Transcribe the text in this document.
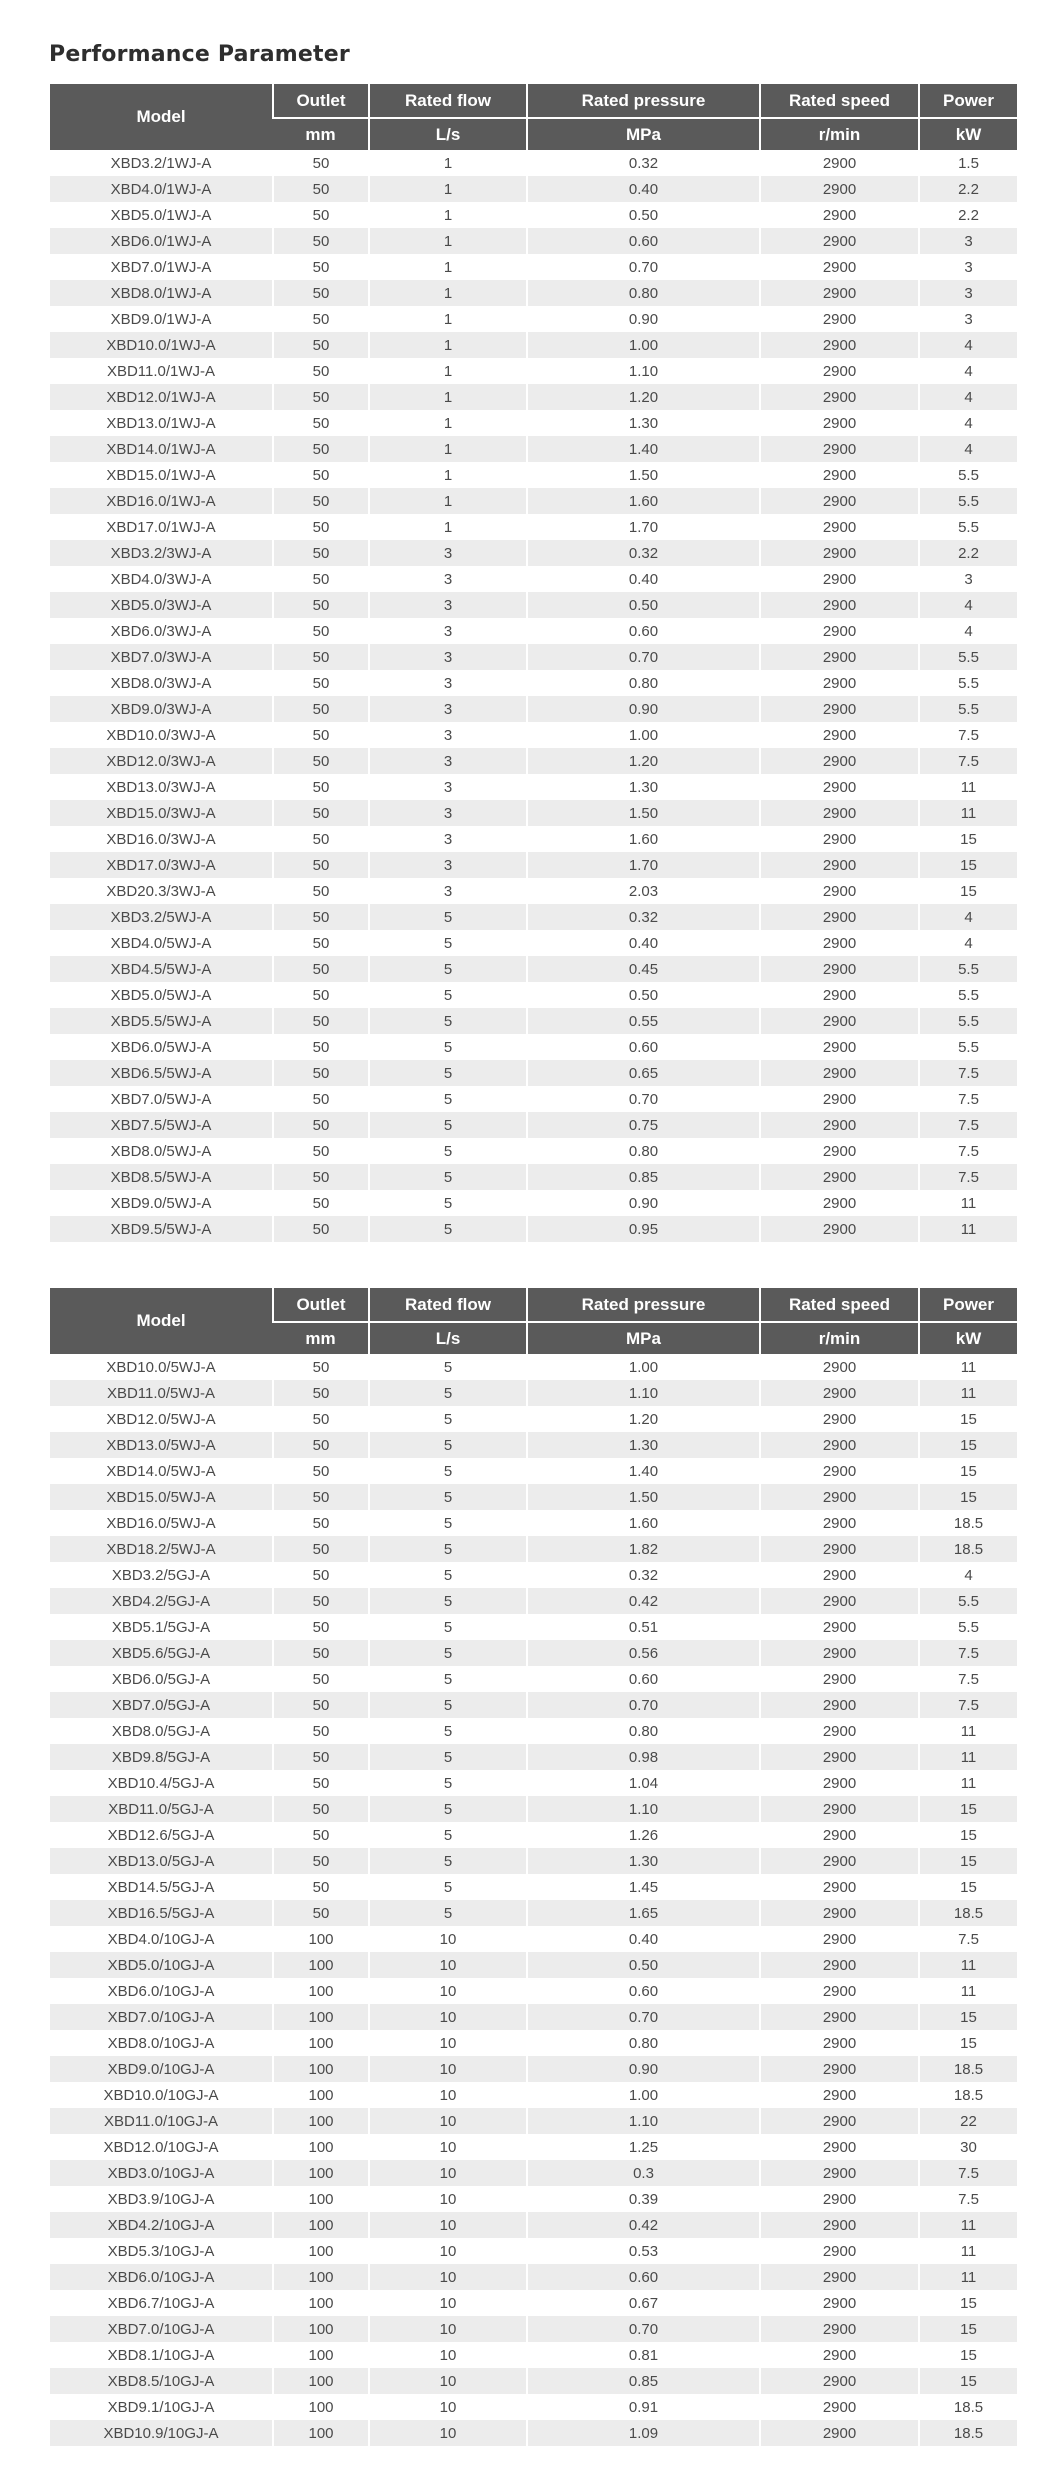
Performance Parameter
Model	Outlet	Rated flow	Rated pressure	Rated speed	Power
	mm	L/s	MPa	r/min	kW
XBD3.2/1WJ-A	50	1	0.32	2900	1.5
XBD4.0/1WJ-A	50	1	0.40	2900	2.2
XBD5.0/1WJ-A	50	1	0.50	2900	2.2
XBD6.0/1WJ-A	50	1	0.60	2900	3
XBD7.0/1WJ-A	50	1	0.70	2900	3
XBD8.0/1WJ-A	50	1	0.80	2900	3
XBD9.0/1WJ-A	50	1	0.90	2900	3
XBD10.0/1WJ-A	50	1	1.00	2900	4
XBD11.0/1WJ-A	50	1	1.10	2900	4
XBD12.0/1WJ-A	50	1	1.20	2900	4
XBD13.0/1WJ-A	50	1	1.30	2900	4
XBD14.0/1WJ-A	50	1	1.40	2900	4
XBD15.0/1WJ-A	50	1	1.50	2900	5.5
XBD16.0/1WJ-A	50	1	1.60	2900	5.5
XBD17.0/1WJ-A	50	1	1.70	2900	5.5
XBD3.2/3WJ-A	50	3	0.32	2900	2.2
XBD4.0/3WJ-A	50	3	0.40	2900	3
XBD5.0/3WJ-A	50	3	0.50	2900	4
XBD6.0/3WJ-A	50	3	0.60	2900	4
XBD7.0/3WJ-A	50	3	0.70	2900	5.5
XBD8.0/3WJ-A	50	3	0.80	2900	5.5
XBD9.0/3WJ-A	50	3	0.90	2900	5.5
XBD10.0/3WJ-A	50	3	1.00	2900	7.5
XBD12.0/3WJ-A	50	3	1.20	2900	7.5
XBD13.0/3WJ-A	50	3	1.30	2900	11
XBD15.0/3WJ-A	50	3	1.50	2900	11
XBD16.0/3WJ-A	50	3	1.60	2900	15
XBD17.0/3WJ-A	50	3	1.70	2900	15
XBD20.3/3WJ-A	50	3	2.03	2900	15
XBD3.2/5WJ-A	50	5	0.32	2900	4
XBD4.0/5WJ-A	50	5	0.40	2900	4
XBD4.5/5WJ-A	50	5	0.45	2900	5.5
XBD5.0/5WJ-A	50	5	0.50	2900	5.5
XBD5.5/5WJ-A	50	5	0.55	2900	5.5
XBD6.0/5WJ-A	50	5	0.60	2900	5.5
XBD6.5/5WJ-A	50	5	0.65	2900	7.5
XBD7.0/5WJ-A	50	5	0.70	2900	7.5
XBD7.5/5WJ-A	50	5	0.75	2900	7.5
XBD8.0/5WJ-A	50	5	0.80	2900	7.5
XBD8.5/5WJ-A	50	5	0.85	2900	7.5
XBD9.0/5WJ-A	50	5	0.90	2900	11
XBD9.5/5WJ-A	50	5	0.95	2900	11
Model	Outlet	Rated flow	Rated pressure	Rated speed	Power
	mm	L/s	MPa	r/min	kW
XBD10.0/5WJ-A	50	5	1.00	2900	11
XBD11.0/5WJ-A	50	5	1.10	2900	11
XBD12.0/5WJ-A	50	5	1.20	2900	15
XBD13.0/5WJ-A	50	5	1.30	2900	15
XBD14.0/5WJ-A	50	5	1.40	2900	15
XBD15.0/5WJ-A	50	5	1.50	2900	15
XBD16.0/5WJ-A	50	5	1.60	2900	18.5
XBD18.2/5WJ-A	50	5	1.82	2900	18.5
XBD3.2/5GJ-A	50	5	0.32	2900	4
XBD4.2/5GJ-A	50	5	0.42	2900	5.5
XBD5.1/5GJ-A	50	5	0.51	2900	5.5
XBD5.6/5GJ-A	50	5	0.56	2900	7.5
XBD6.0/5GJ-A	50	5	0.60	2900	7.5
XBD7.0/5GJ-A	50	5	0.70	2900	7.5
XBD8.0/5GJ-A	50	5	0.80	2900	11
XBD9.8/5GJ-A	50	5	0.98	2900	11
XBD10.4/5GJ-A	50	5	1.04	2900	11
XBD11.0/5GJ-A	50	5	1.10	2900	15
XBD12.6/5GJ-A	50	5	1.26	2900	15
XBD13.0/5GJ-A	50	5	1.30	2900	15
XBD14.5/5GJ-A	50	5	1.45	2900	15
XBD16.5/5GJ-A	50	5	1.65	2900	18.5
XBD4.0/10GJ-A	100	10	0.40	2900	7.5
XBD5.0/10GJ-A	100	10	0.50	2900	11
XBD6.0/10GJ-A	100	10	0.60	2900	11
XBD7.0/10GJ-A	100	10	0.70	2900	15
XBD8.0/10GJ-A	100	10	0.80	2900	15
XBD9.0/10GJ-A	100	10	0.90	2900	18.5
XBD10.0/10GJ-A	100	10	1.00	2900	18.5
XBD11.0/10GJ-A	100	10	1.10	2900	22
XBD12.0/10GJ-A	100	10	1.25	2900	30
XBD3.0/10GJ-A	100	10	0.3	2900	7.5
XBD3.9/10GJ-A	100	10	0.39	2900	7.5
XBD4.2/10GJ-A	100	10	0.42	2900	11
XBD5.3/10GJ-A	100	10	0.53	2900	11
XBD6.0/10GJ-A	100	10	0.60	2900	11
XBD6.7/10GJ-A	100	10	0.67	2900	15
XBD7.0/10GJ-A	100	10	0.70	2900	15
XBD8.1/10GJ-A	100	10	0.81	2900	15
XBD8.5/10GJ-A	100	10	0.85	2900	15
XBD9.1/10GJ-A	100	10	0.91	2900	18.5
XBD10.9/10GJ-A	100	10	1.09	2900	18.5
